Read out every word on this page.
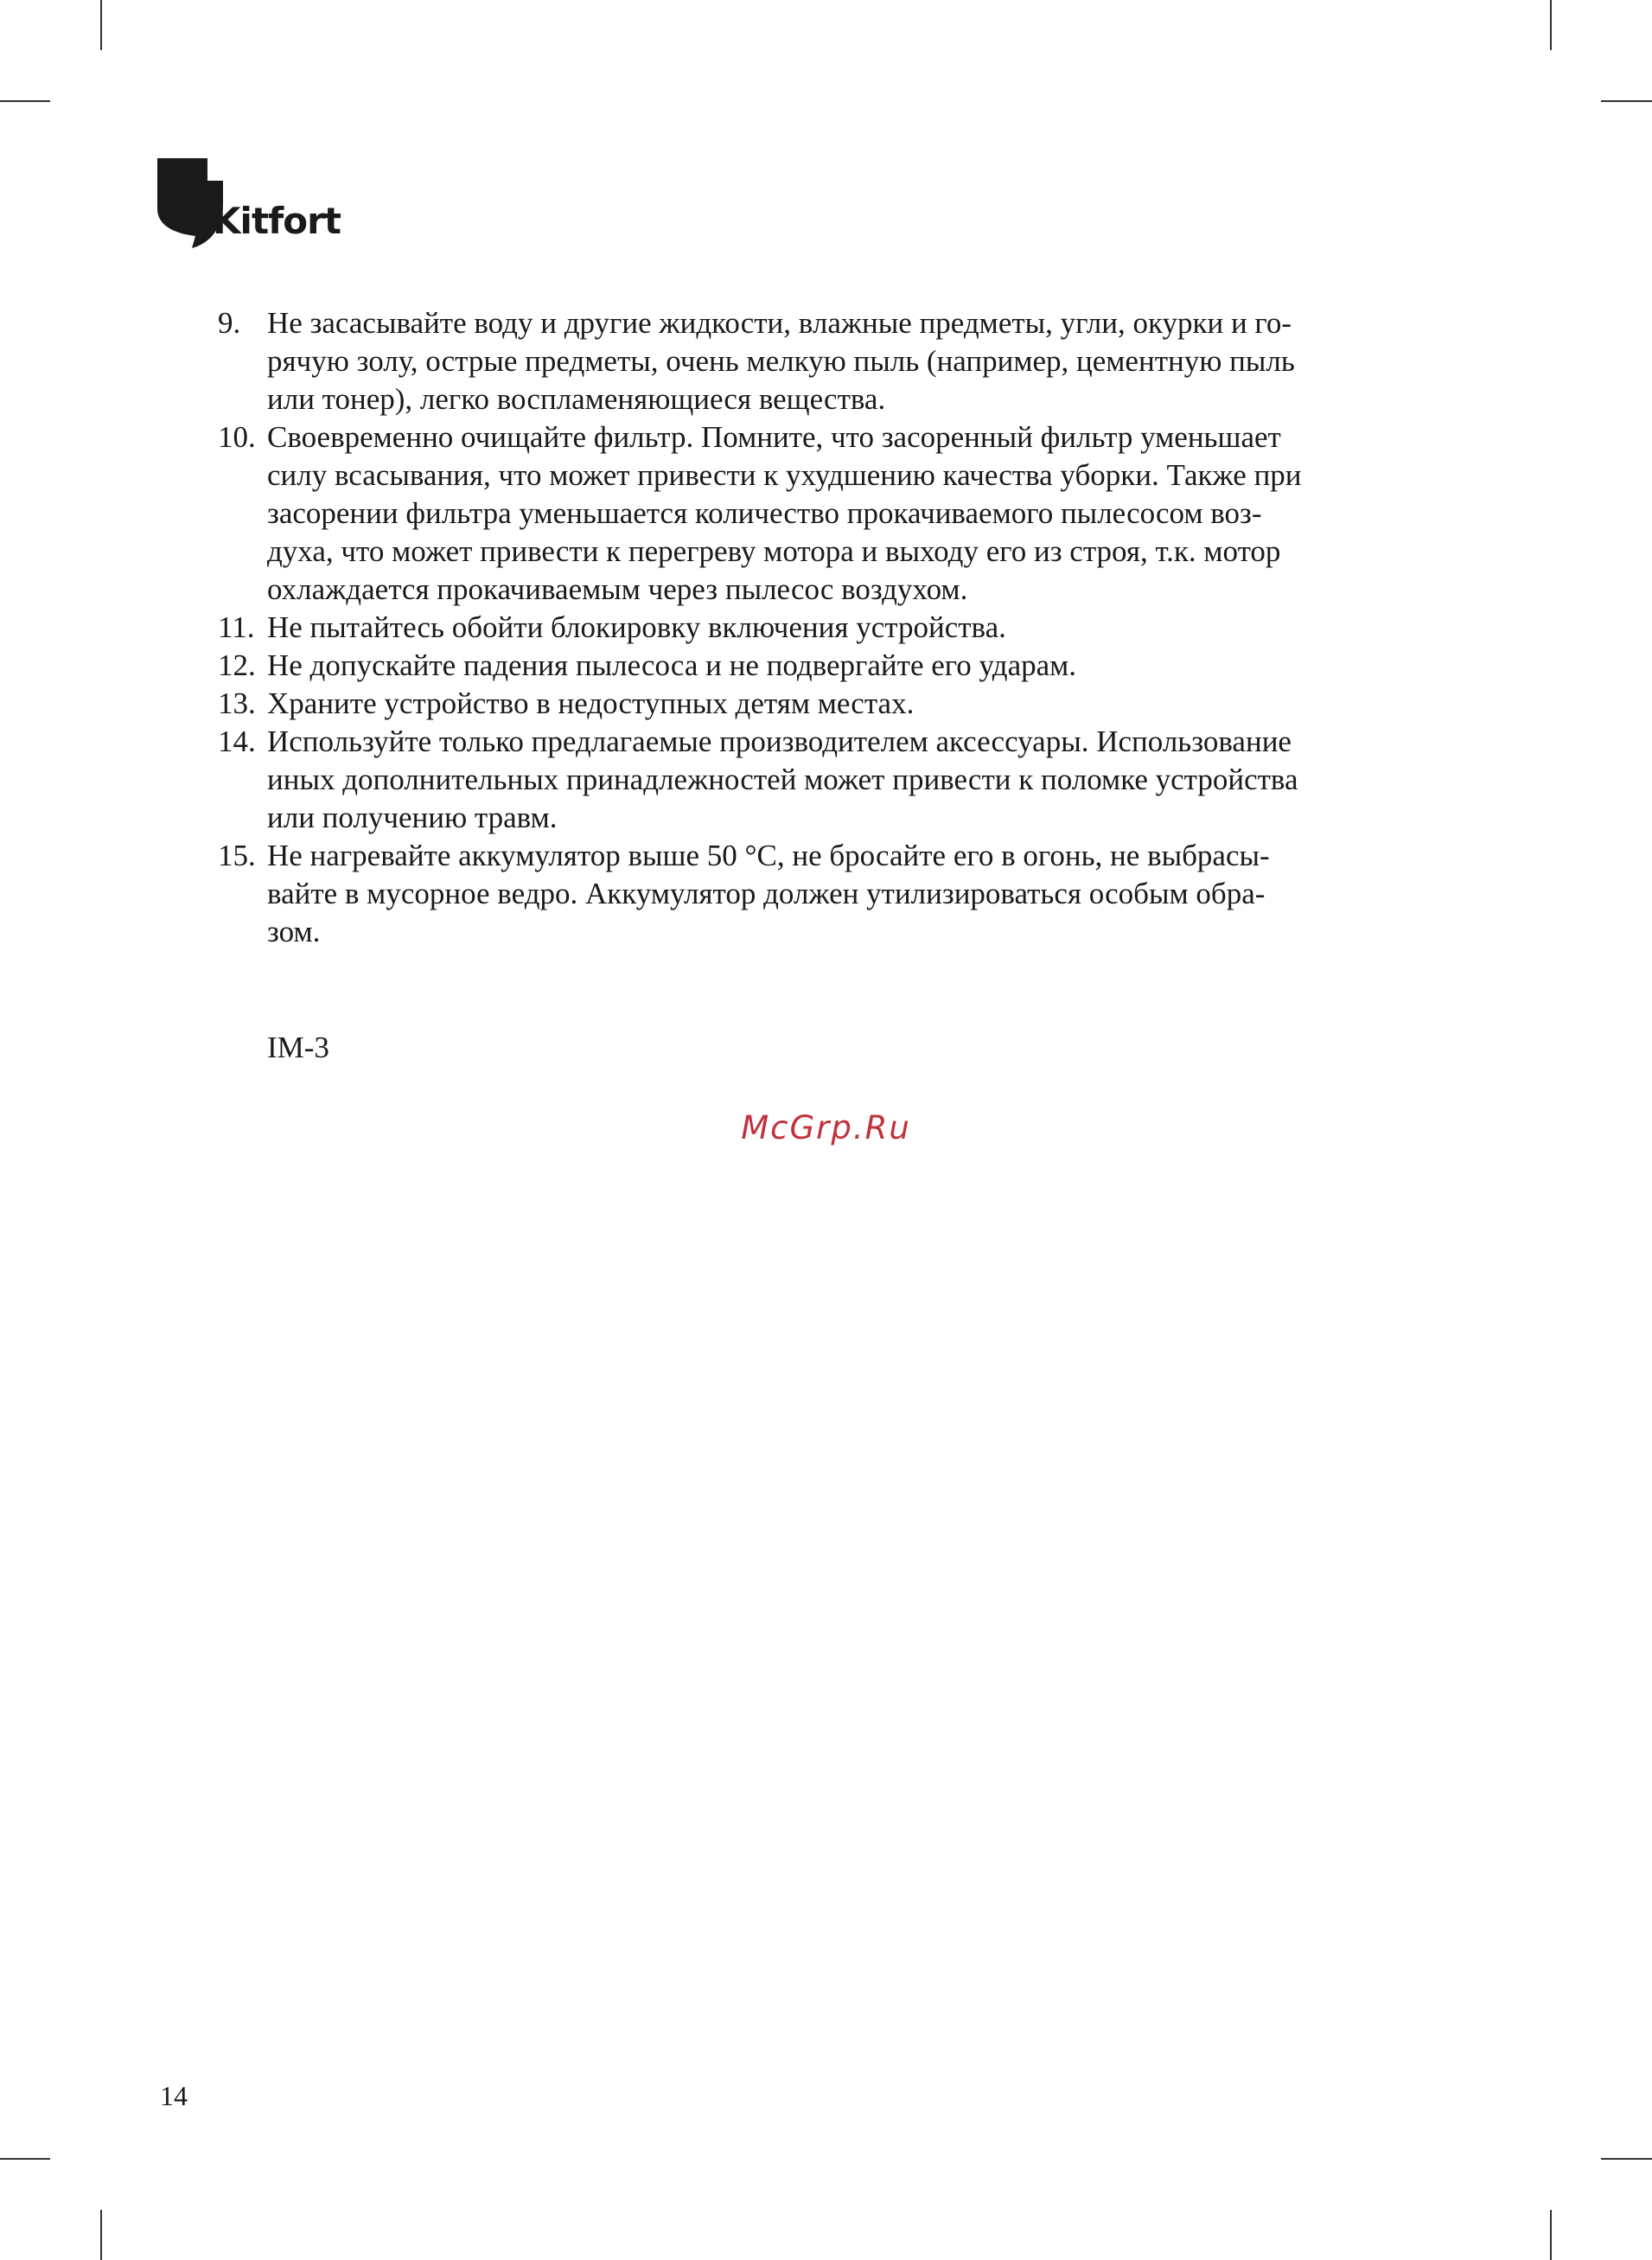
Kitfort
9. Не засасывайте воду и другие жидкости, влажные предметы, угли, окурки и го-
рячую золу, острые предметы, очень мелкую пыль (например, цементную пыль
или тонер), легко воспламеняющиеся вещества.
10. Своевременно очищайте фильтр. Помните, что засоренный фильтр уменьшает
силу всасывания, что может привести к ухудшению качества уборки. Также при
засорении фильтра уменьшается количество прокачиваемого пылесосом воз-
духа, что может привести к перегреву мотора и выходу его из строя, т.к. мотор
охлаждается прокачиваемым через пылесос воздухом.
11. Не пытайтесь обойти блокировку включения устройства.
12. Не допускайте падения пылесоса и не подвергайте его ударам.
13. Храните устройство в недоступных детям местах.
14. Используйте только предлагаемые производителем аксессуары. Использование
иных дополнительных принадлежностей может привести к поломке устройства
или получению травм.
15. Не нагревайте аккумулятор выше 50 °C, не бросайте его в огонь, не выбрасы-
вайте в мусорное ведро. Аккумулятор должен утилизироваться особым обра-
зом.
IM-3
McGrp.Ru
14
